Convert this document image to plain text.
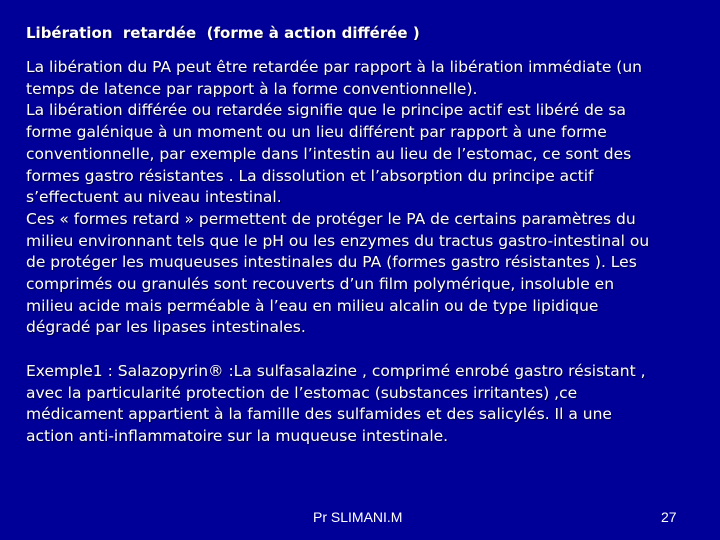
Libération  retardée  (forme à action différée )

La libération du PA peut être retardée par rapport à la libération immédiate (un
temps de latence par rapport à la forme conventionnelle).

La libération différée ou retardée signifie que le principe actif est libéré de sa
forme galénique à un moment ou un lieu différent par rapport à une forme
conventionnelle, par exemple dans l’intestin au lieu de l’estomac, ce sont des
formes gastro résistantes . La dissolution et l’absorption du principe actif
s’effectuent au niveau intestinal.

Ces « formes retard » permettent de protéger le PA de certains paramètres du
milieu environnant tels que le pH ou les enzymes du tractus gastro-intestinal ou
de protéger les muqueuses intestinales du PA (formes gastro résistantes ). Les
comprimés ou granulés sont recouverts d’un film polymérique, insoluble en
milieu acide mais perméable à l’eau en milieu alcalin ou de type lipidique
dégradé par les lipases intestinales.

Exemple1 : Salazopyrin® :La sulfasalazine , comprimé enrobé gastro résistant ,
avec la particularité protection de l’estomac (substances irritantes) ,ce
médicament appartient à la famille des sulfamides et des salicylés. Il a une
action anti-inflammatoire sur la muqueuse intestinale.

Pr SLIMANI.M	27
